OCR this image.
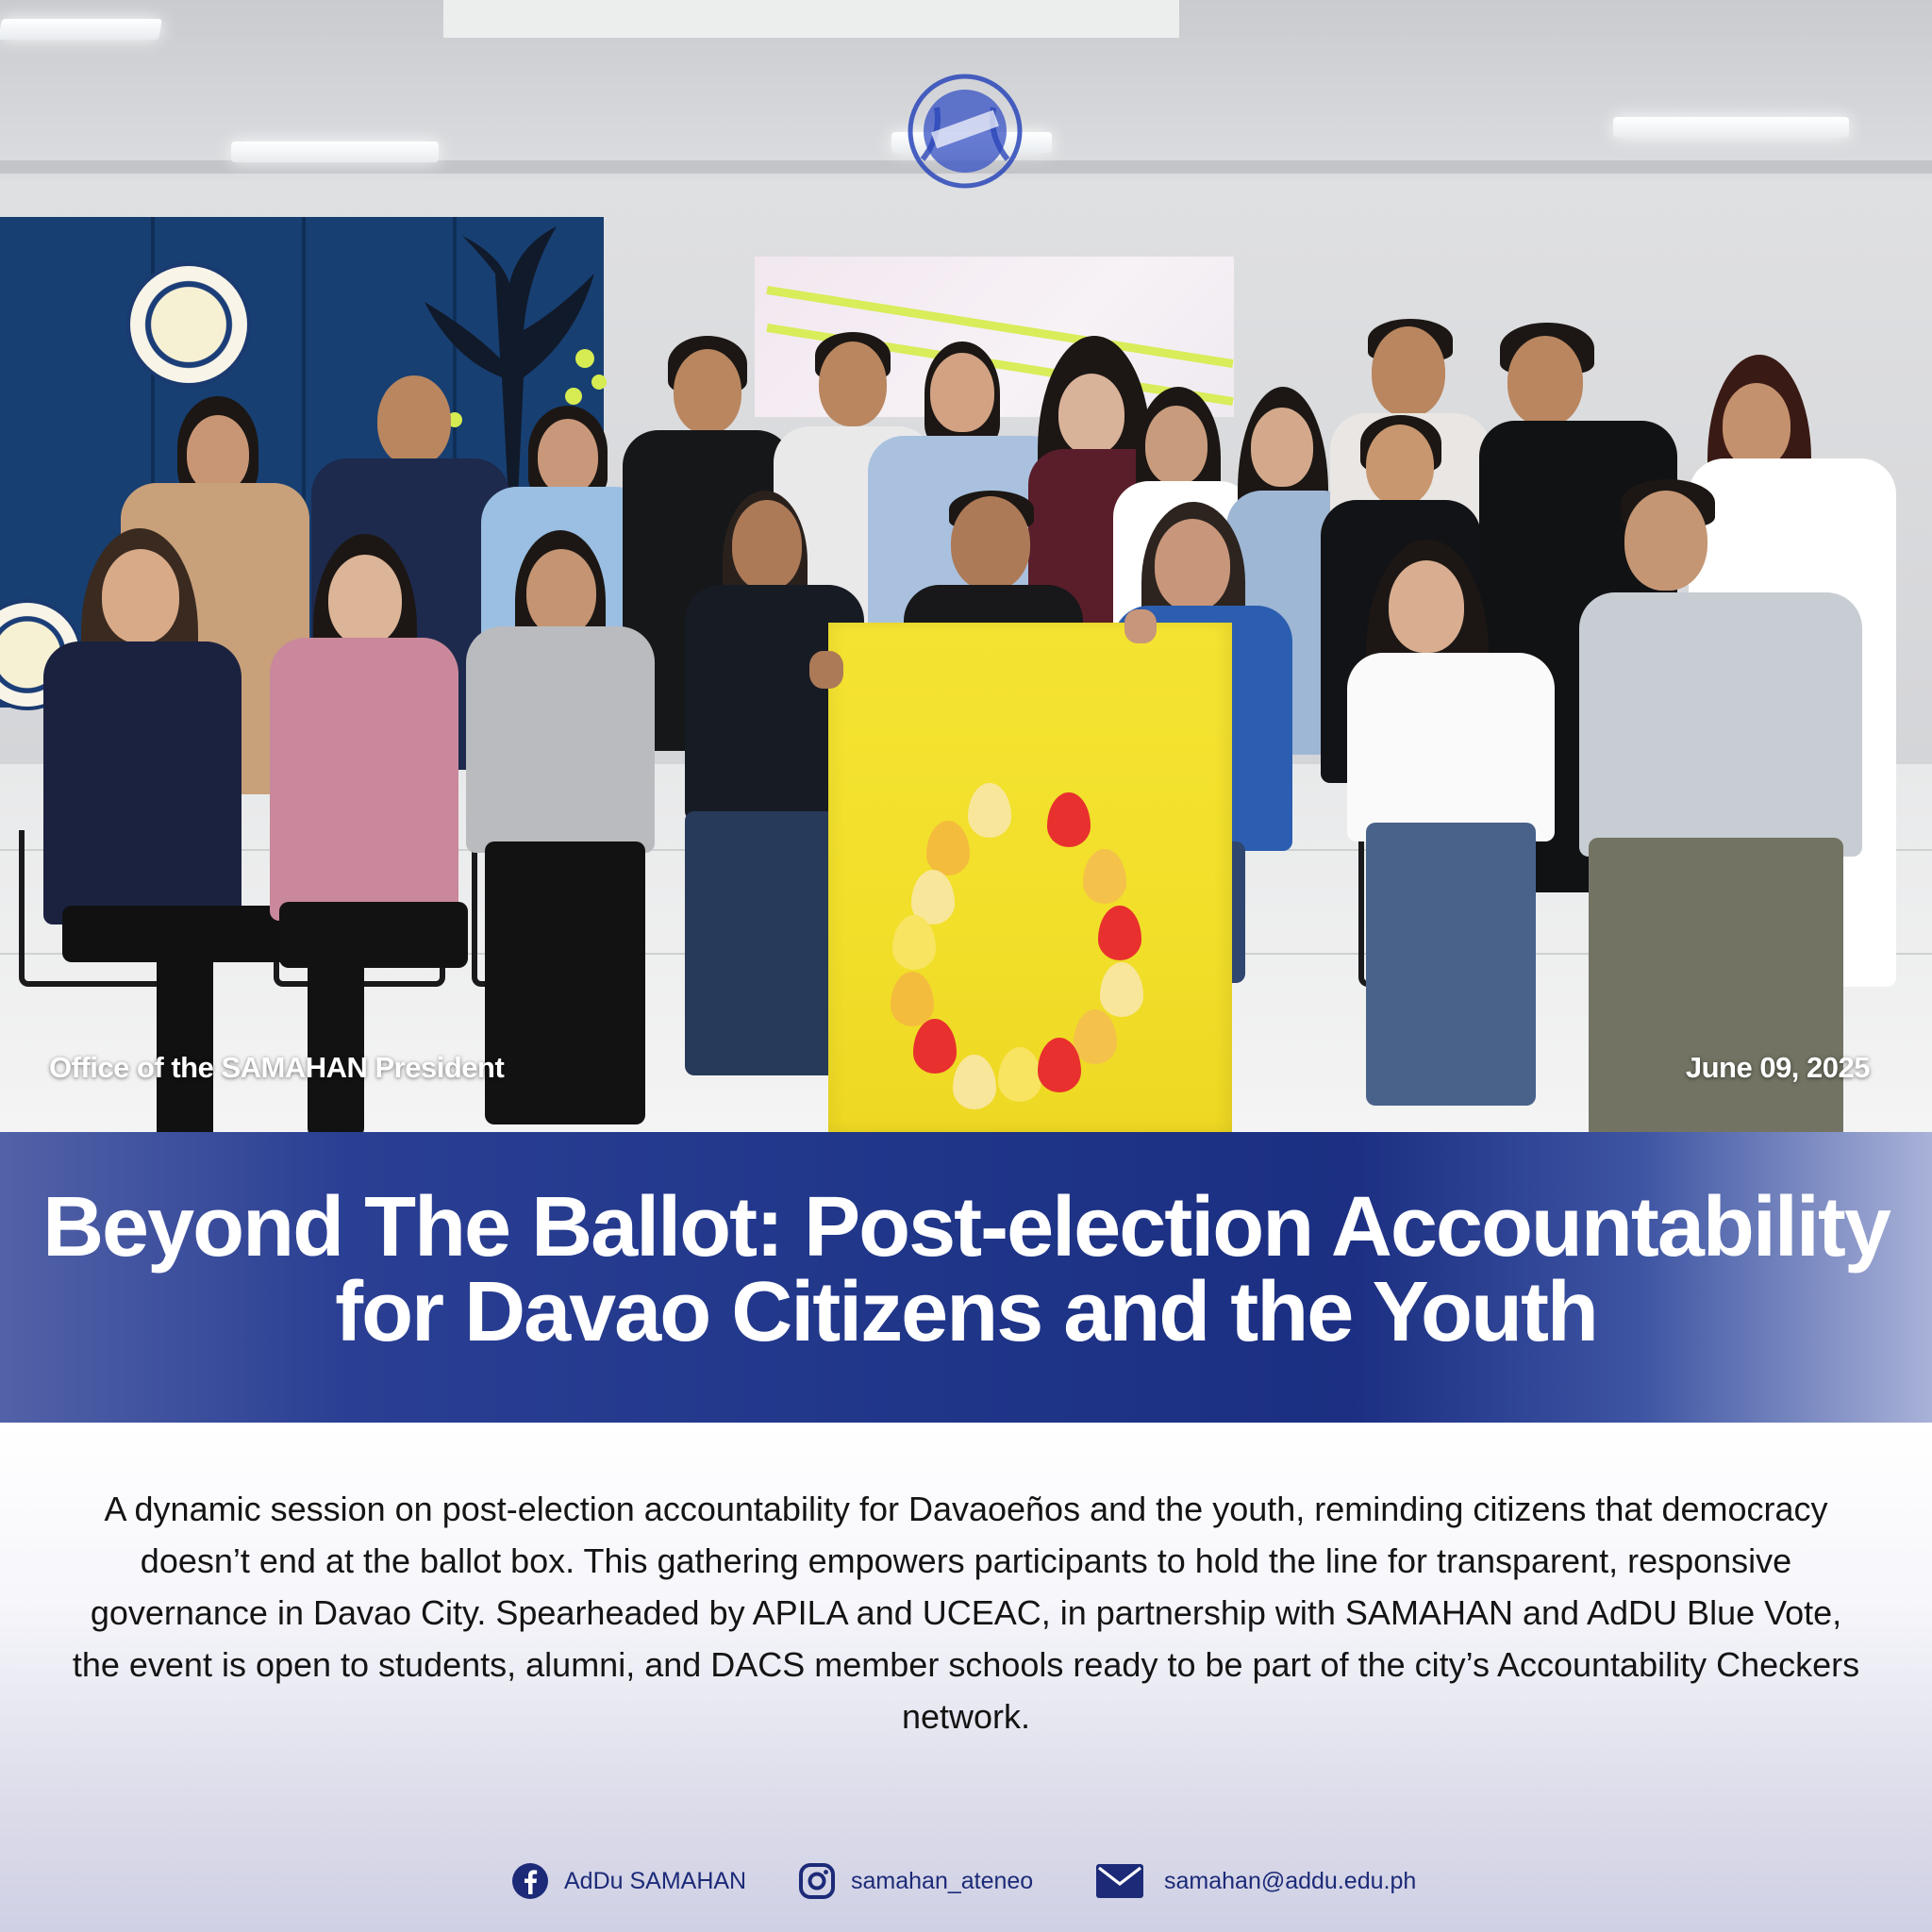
Office of the SAMAHAN President	June 09, 2025
Beyond The Ballot: Post-election Accountability
for Davao Citizens and the Youth
A dynamic session on post-election accountability for Davaoeños and the youth, reminding citizens that democracy doesn’t end at the ballot box. This gathering empowers participants to hold the line for transparent, responsive governance in Davao City. Spearheaded by APILA and UCEAC, in partnership with SAMAHAN and AdDU Blue Vote, the event is open to students, alumni, and DACS member schools ready to be part of the city’s Accountability Checkers network.
AdDu SAMAHAN	samahan_ateneo	samahan@addu.edu.ph
